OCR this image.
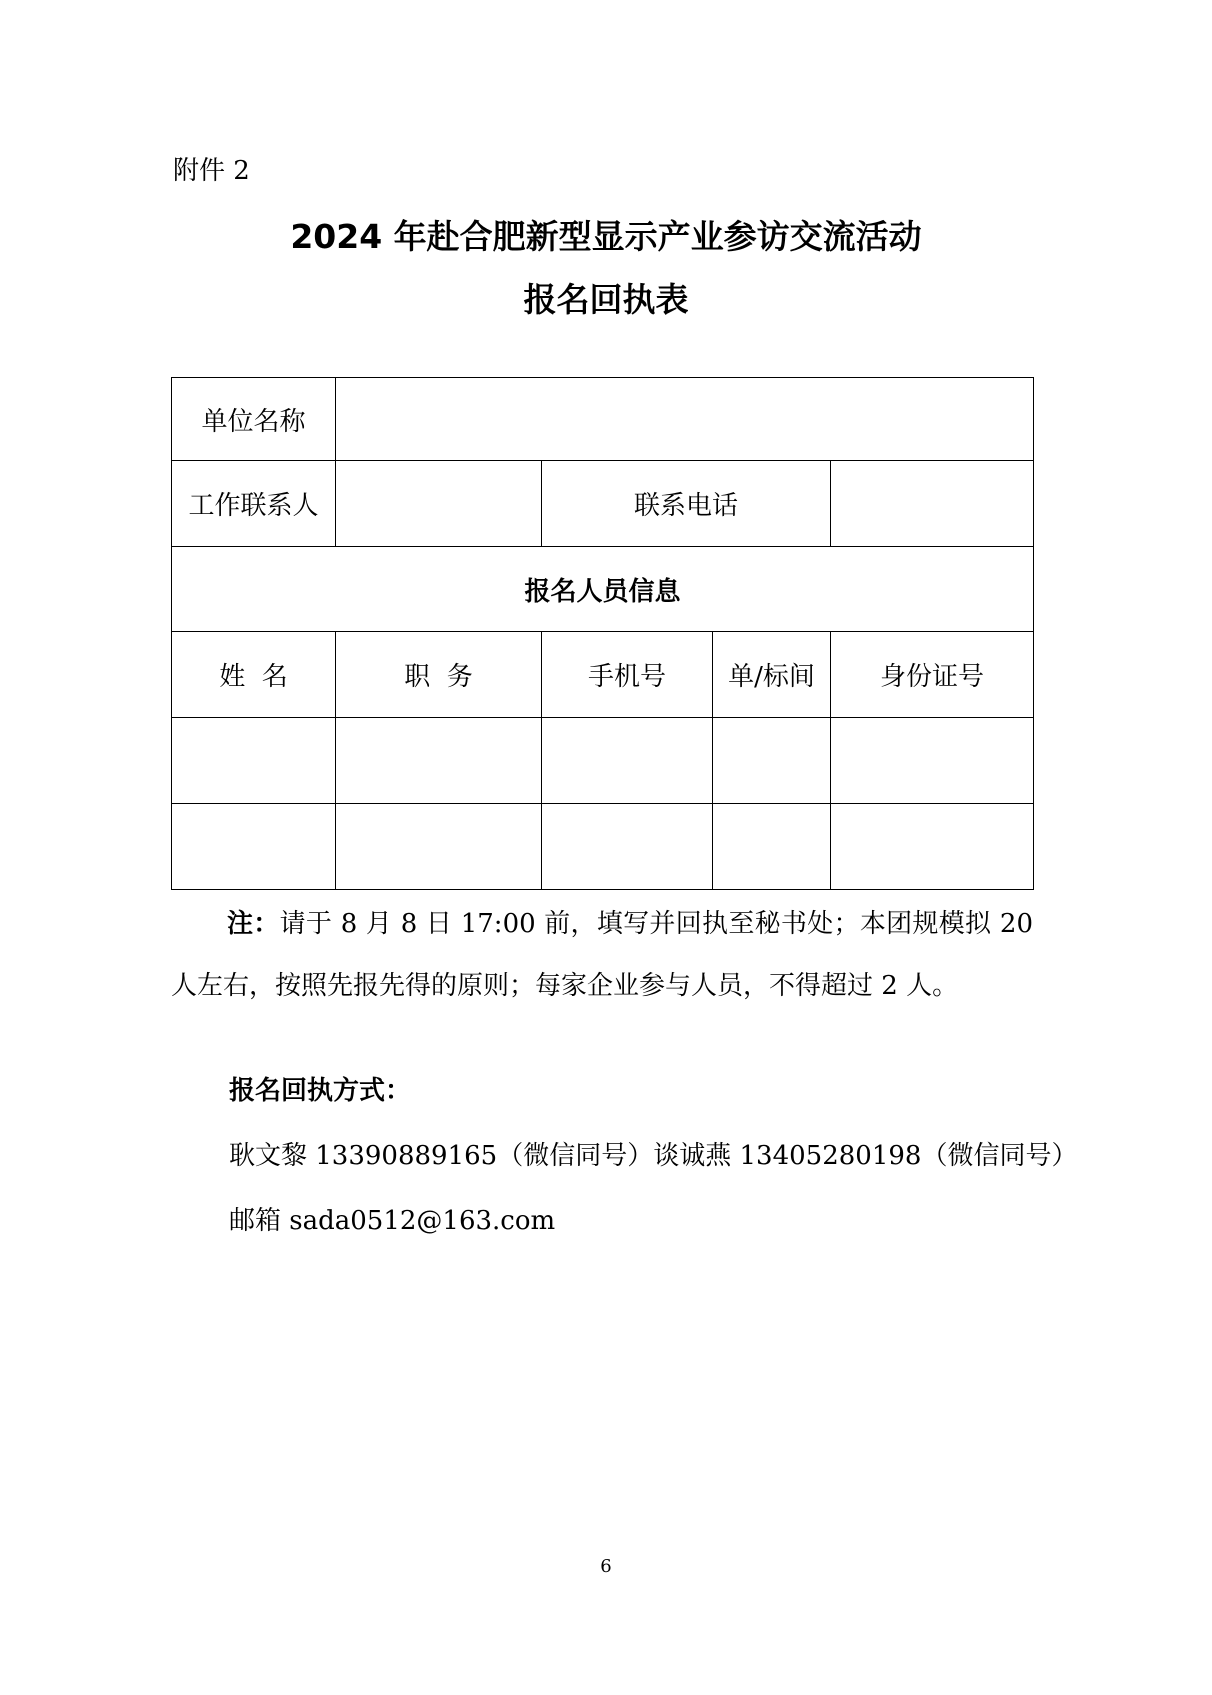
附件 2
2024 年赴合肥新型显示产业参访交流活动
报名回执表
单位名称				
工作联系人		联系电话		
报名人员信息				
姓  名	职  务	手机号	单/标间	身份证号

注：请于 8 月 8 日 17:00 前，填写并回执至秘书处；本团规模拟 20 人左右，按照先报先得的原则；每家企业参与人员，不得超过 2 人。
报名回执方式：
耿文黎 13390889165（微信同号）谈诚燕 13405280198（微信同号）
邮箱 sada0512@163.com
6
